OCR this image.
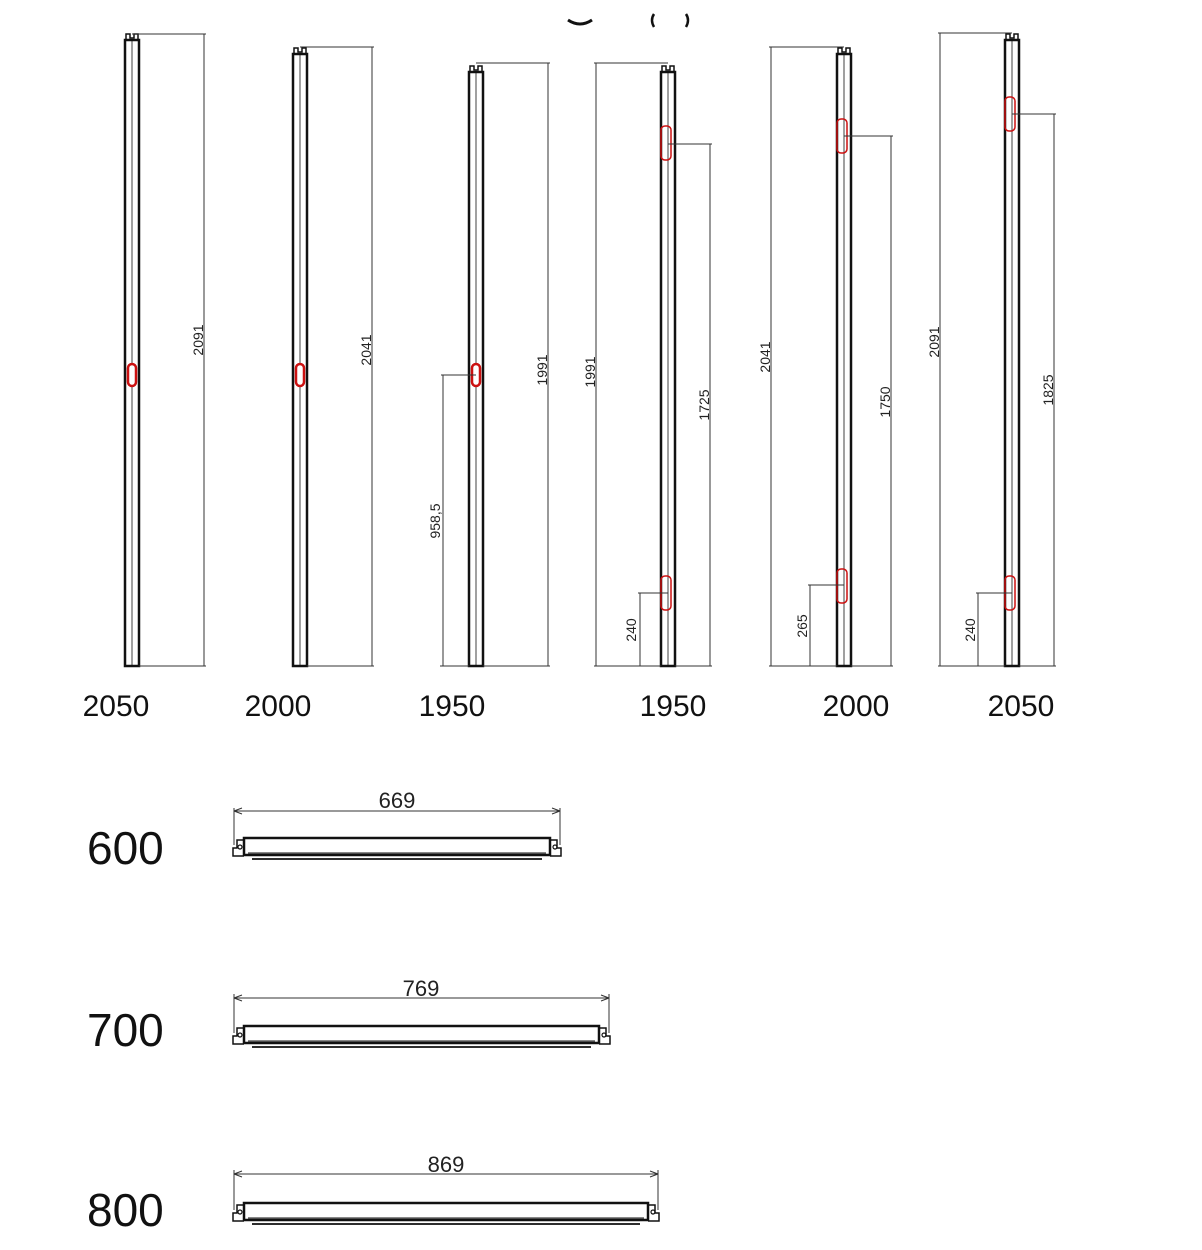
2091
2050
2041
2000
1991
958,5
1950
1991
1725
240
1950
2041
1750
265
2000
2091
1825
240
2050
600
669
700
769
800
869
